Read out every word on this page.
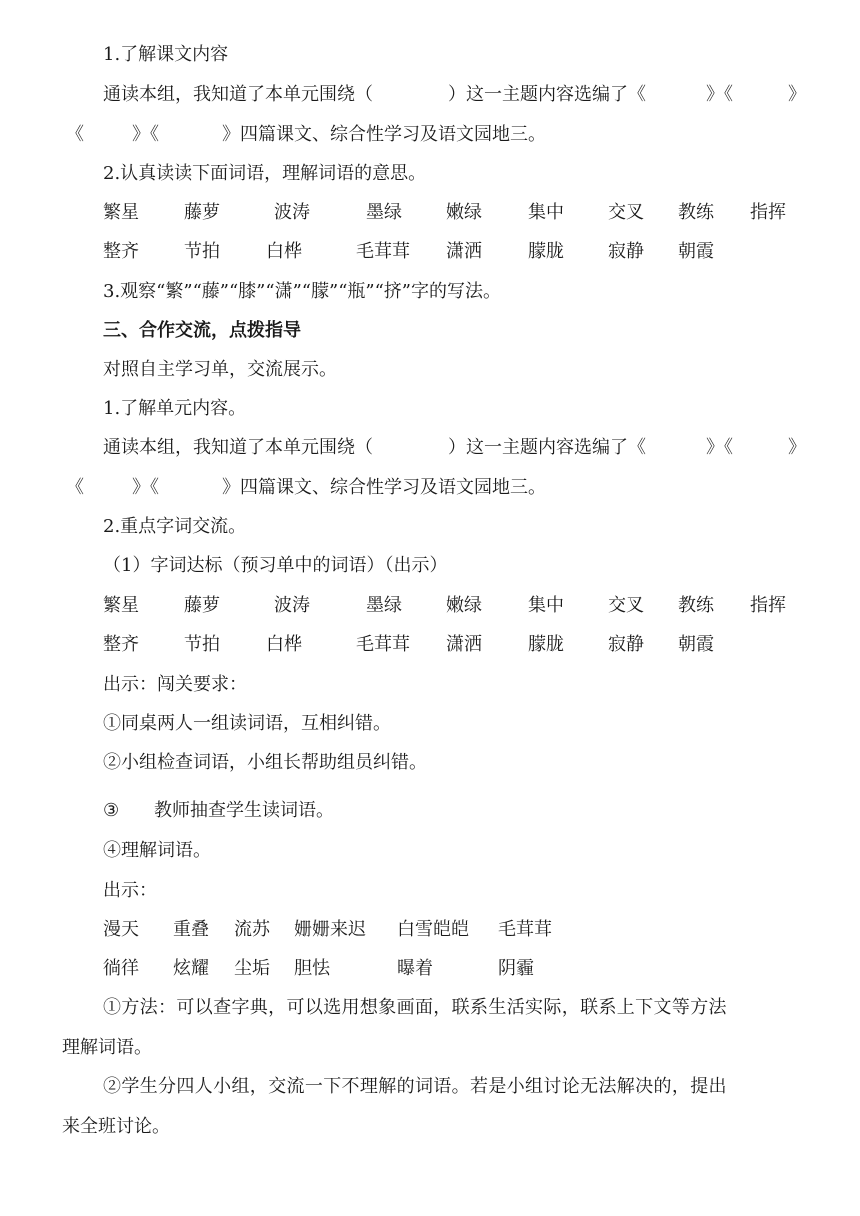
1.了解课文内容
通读本组，我知道了本单元围绕（	）这一主题内容选编了《	》《	》
《	》《	》四篇课文、综合性学习及语文园地三。
2.认真读读下面词语，理解词语的意思。
繁星	藤萝	波涛	墨绿 嫩绿	集中 交叉 教练 指挥
整齐	节拍	白桦	毛茸茸 潇洒	朦胧 寂静 朝霞
3.观察“繁”“藤”“膝”“潇”“朦”“瓶”“挤”字的写法。
三、合作交流，点拨指导
对照自主学习单，交流展示。
1.了解单元内容。
通读本组，我知道了本单元围绕（	）这一主题内容选编了《	》《	》
《	》《	》四篇课文、综合性学习及语文园地三。
2.重点字词交流。
（1）字词达标（预习单中的词语）（出示）
繁星	藤萝	波涛	墨绿 嫩绿	集中 交叉 教练 指挥
整齐	节拍	白桦	毛茸茸 潇洒	朦胧 寂静 朝霞
出示：闯关要求：
①同桌两人一组读词语，互相纠错。
②小组检查词语，小组长帮助组员纠错。
③ 教师抽查学生读词语。
④理解词语。
出示：
漫天 重叠 流苏 姗姗来迟 白雪皑皑 毛茸茸
徜徉 炫耀 尘垢 胆怯	曝着	阴霾
①方法：可以查字典，可以选用想象画面，联系生活实际，联系上下文等方法
理解词语。
②学生分四人小组，交流一下不理解的词语。若是小组讨论无法解决的，提出
来全班讨论。
